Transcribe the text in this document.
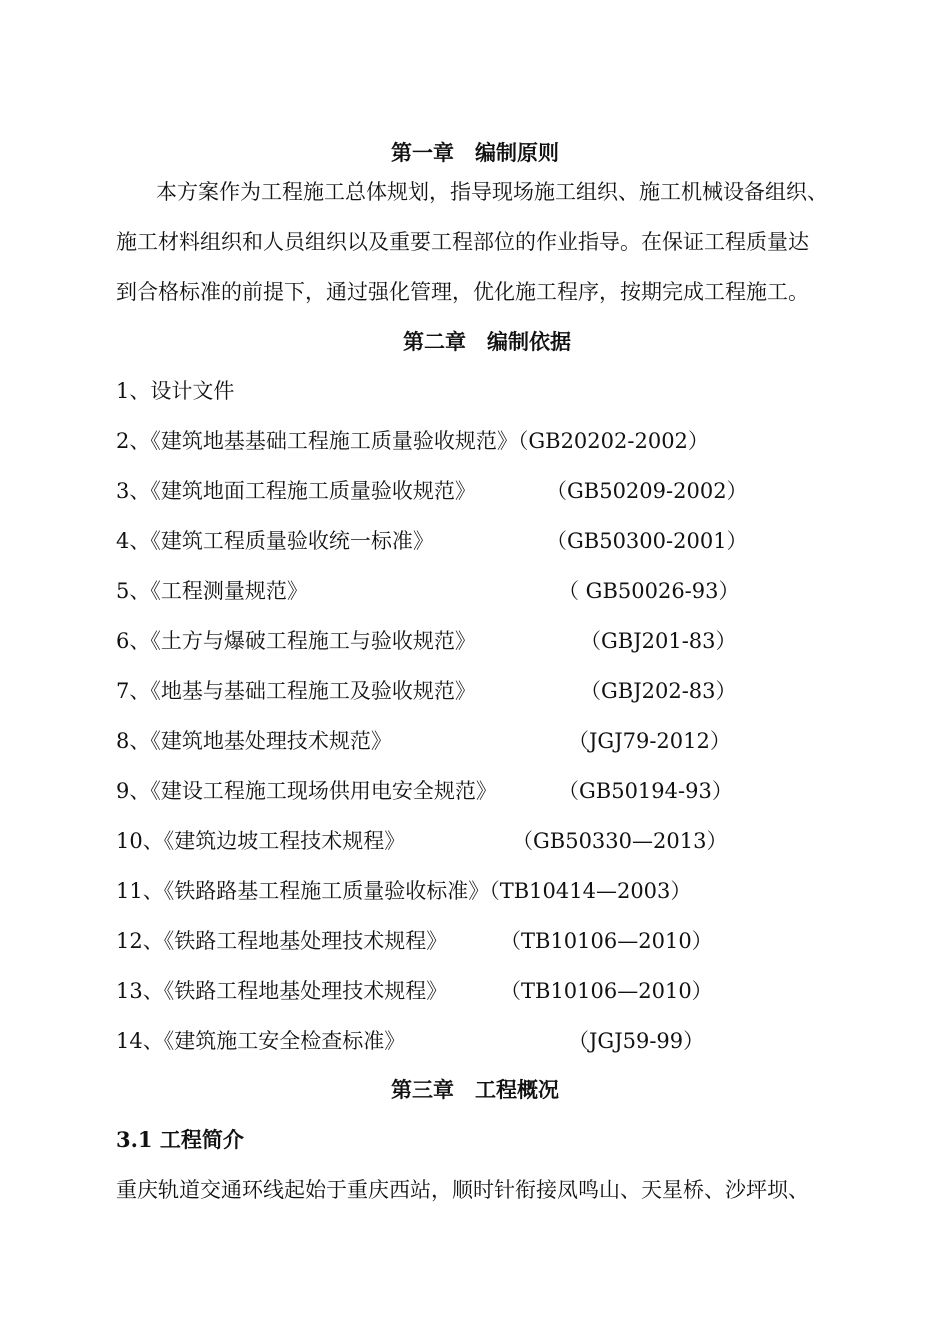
第一章　编制原则
本方案作为工程施工总体规划，指导现场施工组织、施工机械设备组织、
施工材料组织和人员组织以及重要工程部位的作业指导。在保证工程质量达
到合格标准的前提下，通过强化管理，优化施工程序，按期完成工程施工。
第二章　编制依据
1、设计文件
2、《建筑地基基础工程施工质量验收规范》（GB20202-2002）
3、《建筑地面工程施工质量验收规范》	（GB50209-2002）
4、《建筑工程质量验收统一标准》	（GB50300-2001）
5、《工程测量规范》	（ GB50026-93）
6、《土方与爆破工程施工与验收规范》	（GBJ201-83）
7、《地基与基础工程施工及验收规范》	（GBJ202-83）
8、《建筑地基处理技术规范》	（JGJ79-2012）
9、《建设工程施工现场供用电安全规范》	（GB50194-93）
10、《建筑边坡工程技术规程》	（GB50330—2013）
11、《铁路路基工程施工质量验收标准》（TB10414—2003）
12、《铁路工程地基处理技术规程》	（TB10106—2010）
13、《铁路工程地基处理技术规程》	（TB10106—2010）
14、《建筑施工安全检查标准》	（JGJ59-99）
第三章　工程概况
3.1 工程简介
重庆轨道交通环线起始于重庆西站，顺时针衔接凤鸣山、天星桥、沙坪坝、
